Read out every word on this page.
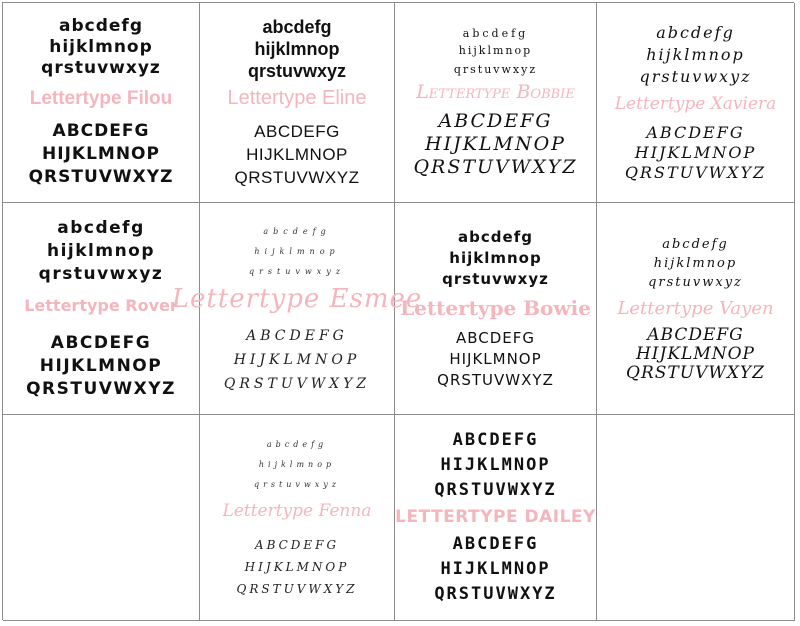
abcdefg
hijklmnop
qrstuvwxyz
Lettertype Filou
ABCDEFG
HIJKLMNOP
QRSTUVWXYZ
abcdefg
hijklmnop
qrstuvwxyz
Lettertype Eline
ABCDEFG
HIJKLMNOP
QRSTUVWXYZ
abcdefg
hijklmnop
qrstuvwxyz
Lettertype Bobbie
ABCDEFG
HIJKLMNOP
QRSTUVWXYZ
abcdefg
hijklmnop
qrstuvwxyz
Lettertype Xaviera
ABCDEFG
HIJKLMNOP
QRSTUVWXYZ
abcdefg
hijklmnop
qrstuvwxyz
Lettertype Rover
ABCDEFG
HIJKLMNOP
QRSTUVWXYZ
abcdefg
hijklmnop
qrstuvwxyz
Lettertype Esmee
ABCDEFG
HIJKLMNOP
QRSTUVWXYZ
abcdefg
hijklmnop
qrstuvwxyz
Lettertype Bowie
ABCDEFG
HIJKLMNOP
QRSTUVWXYZ
abcdefg
hijklmnop
qrstuvwxyz
Lettertype Vayen
ABCDEFG
HIJKLMNOP
QRSTUVWXYZ
abcdefg
hijklmnop
qrstuvwxyz
Lettertype Fenna
ABCDEFG
HIJKLMNOP
QRSTUVWXYZ
ABCDEFG
HIJKLMNOP
QRSTUVWXYZ
LETTERTYPE DAILEY
ABCDEFG
HIJKLMNOP
QRSTUVWXYZ
